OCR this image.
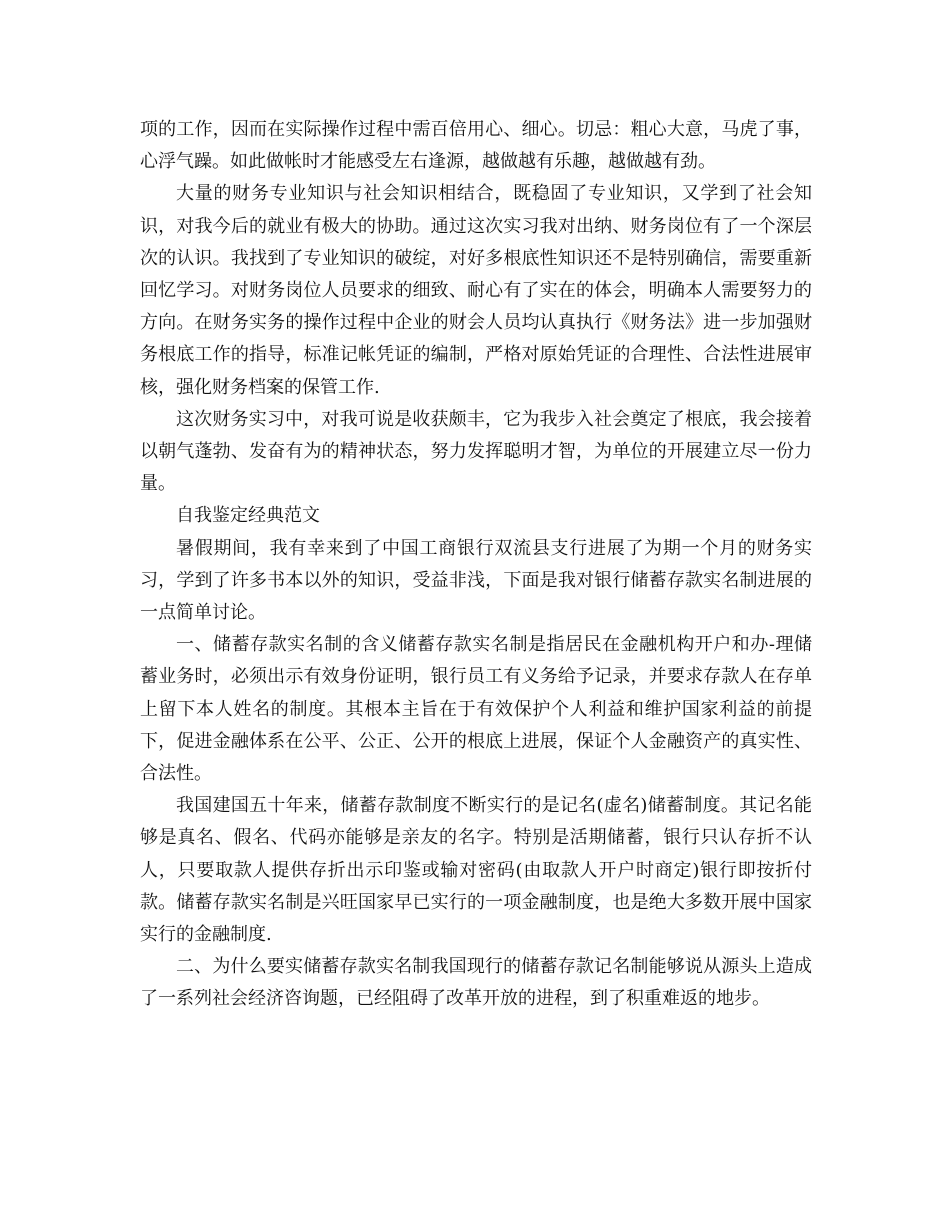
项的工作，因而在实际操作过程中需百倍用心、细心。切忌：粗心大意，马虎了事，心浮气躁。如此做帐时才能感受左右逢源，越做越有乐趣，越做越有劲。

大量的财务专业知识与社会知识相结合，既稳固了专业知识，又学到了社会知识，对我今后的就业有极大的协助。通过这次实习我对出纳、财务岗位有了一个深层次的认识。我找到了专业知识的破绽，对好多根底性知识还不是特别确信，需要重新回忆学习。对财务岗位人员要求的细致、耐心有了实在的体会，明确本人需要努力的方向。在财务实务的操作过程中企业的财会人员均认真执行《财务法》进一步加强财务根底工作的指导，标准记帐凭证的编制，严格对原始凭证的合理性、合法性进展审核，强化财务档案的保管工作.

这次财务实习中，对我可说是收获颇丰，它为我步入社会奠定了根底，我会接着以朝气蓬勃、发奋有为的精神状态，努力发挥聪明才智，为单位的开展建立尽一份力量。

自我鉴定经典范文

暑假期间，我有幸来到了中国工商银行双流县支行进展了为期一个月的财务实习，学到了许多书本以外的知识，受益非浅，下面是我对银行储蓄存款实名制进展的一点简单讨论。

一、储蓄存款实名制的含义储蓄存款实名制是指居民在金融机构开户和办-理储蓄业务时，必须出示有效身份证明，银行员工有义务给予记录，并要求存款人在存单上留下本人姓名的制度。其根本主旨在于有效保护个人利益和维护国家利益的前提下，促进金融体系在公平、公正、公开的根底上进展，保证个人金融资产的真实性、合法性。

我国建国五十年来，储蓄存款制度不断实行的是记名(虚名)储蓄制度。其记名能够是真名、假名、代码亦能够是亲友的名字。特别是活期储蓄，银行只认存折不认人，只要取款人提供存折出示印鉴或输对密码(由取款人开户时商定)银行即按折付款。储蓄存款实名制是兴旺国家早已实行的一项金融制度，也是绝大多数开展中国家实行的金融制度.

二、为什么要实储蓄存款实名制我国现行的储蓄存款记名制能够说从源头上造成了一系列社会经济咨询题，已经阻碍了改革开放的进程，到了积重难返的地步。
